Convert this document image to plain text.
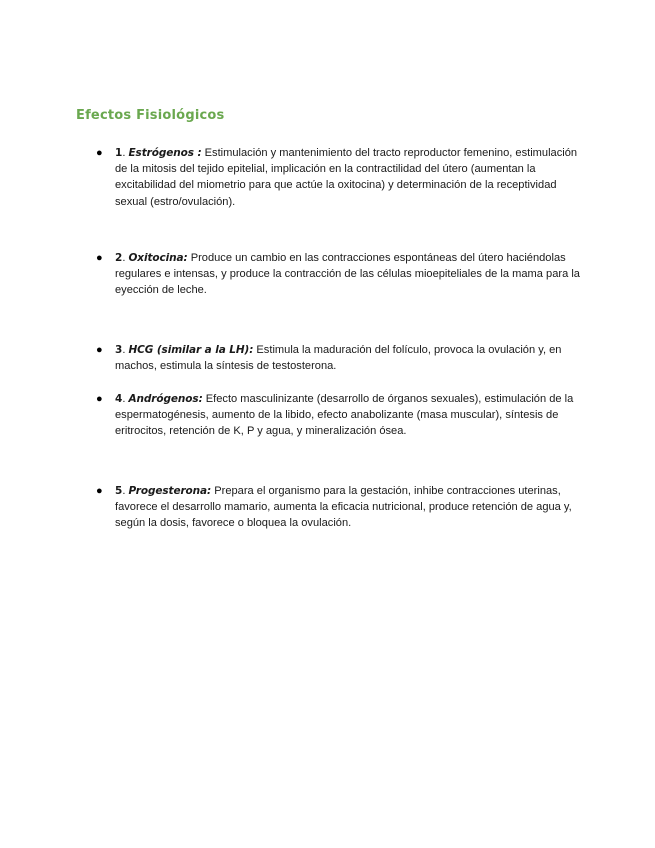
Efectos Fisiológicos
●	1. Estrógenos : Estimulación y mantenimiento del tracto reproductor femenino, estimulación de la mitosis del tejido epitelial, implicación en la contractilidad del útero (aumentan la excitabilidad del miometrio para que actúe la oxitocina) y determinación de la receptividad sexual (estro/ovulación).
●	2. Oxitocina: Produce un cambio en las contracciones espontáneas del útero haciéndolas regulares e intensas, y produce la contracción de las células mioepiteliales de la mama para la eyección de leche.
●	3. HCG (similar a la LH): Estimula la maduración del folículo, provoca la ovulación y, en machos, estimula la síntesis de testosterona.
●	4. Andrógenos: Efecto masculinizante (desarrollo de órganos sexuales), estimulación de la espermatogénesis, aumento de la libido, efecto anabolizante (masa muscular), síntesis de eritrocitos, retención de K, P y agua, y mineralización ósea.
●	5. Progesterona: Prepara el organismo para la gestación, inhibe contracciones uterinas, favorece el desarrollo mamario, aumenta la eficacia nutricional, produce retención de agua y, según la dosis, favorece o bloquea la ovulación.
